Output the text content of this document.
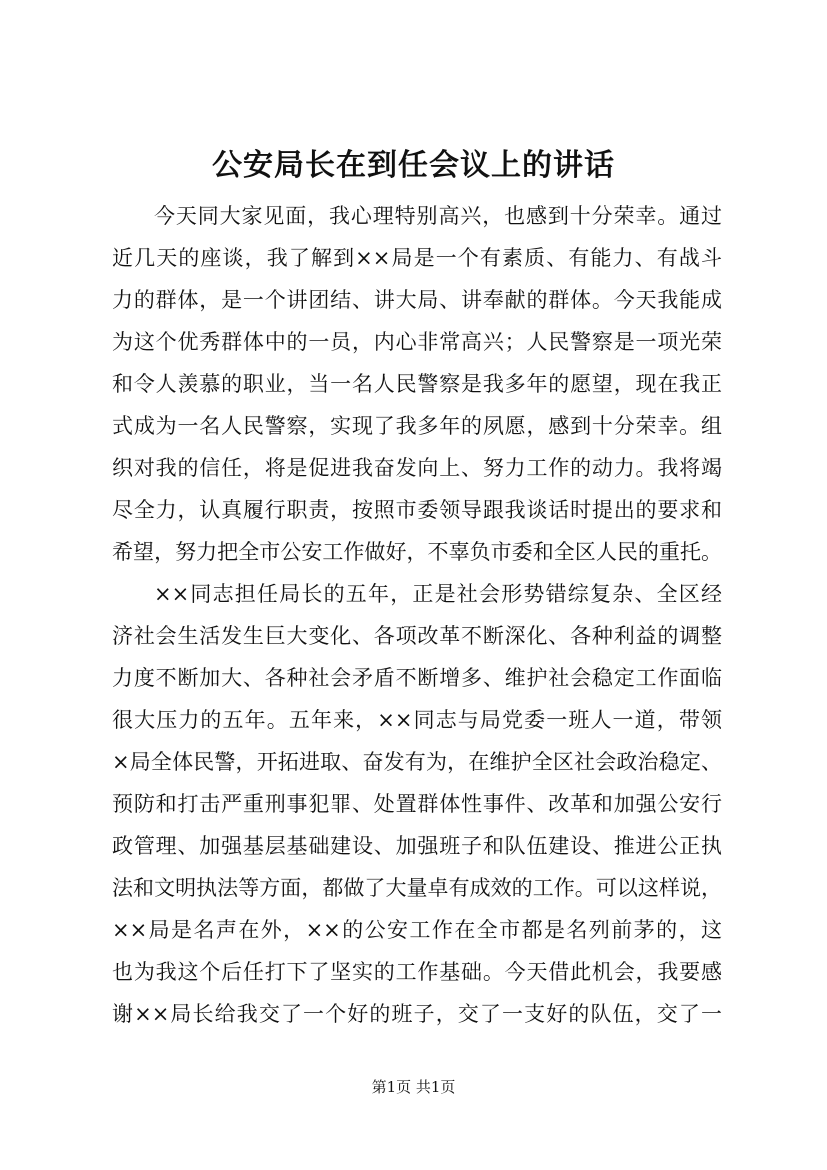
公安局长在到任会议上的讲话
今天同大家见面，我心理特别高兴，也感到十分荣幸。通过
近几天的座谈，我了解到××局是一个有素质、有能力、有战斗
力的群体，是一个讲团结、讲大局、讲奉献的群体。今天我能成
为这个优秀群体中的一员，内心非常高兴；人民警察是一项光荣
和令人羡慕的职业，当一名人民警察是我多年的愿望，现在我正
式成为一名人民警察，实现了我多年的夙愿，感到十分荣幸。组
织对我的信任，将是促进我奋发向上、努力工作的动力。我将竭
尽全力，认真履行职责，按照市委领导跟我谈话时提出的要求和
希望，努力把全市公安工作做好，不辜负市委和全区人民的重托。
××同志担任局长的五年，正是社会形势错综复杂、全区经
济社会生活发生巨大变化、各项改革不断深化、各种利益的调整
力度不断加大、各种社会矛盾不断增多、维护社会稳定工作面临
很大压力的五年。五年来，××同志与局党委一班人一道，带领
×局全体民警，开拓进取、奋发有为，在维护全区社会政治稳定、
预防和打击严重刑事犯罪、处置群体性事件、改革和加强公安行
政管理、加强基层基础建设、加强班子和队伍建设、推进公正执
法和文明执法等方面，都做了大量卓有成效的工作。可以这样说，
××局是名声在外，××的公安工作在全市都是名列前茅的，这
也为我这个后任打下了坚实的工作基础。今天借此机会，我要感
谢××局长给我交了一个好的班子，交了一支好的队伍，交了一
第1页 共1页
